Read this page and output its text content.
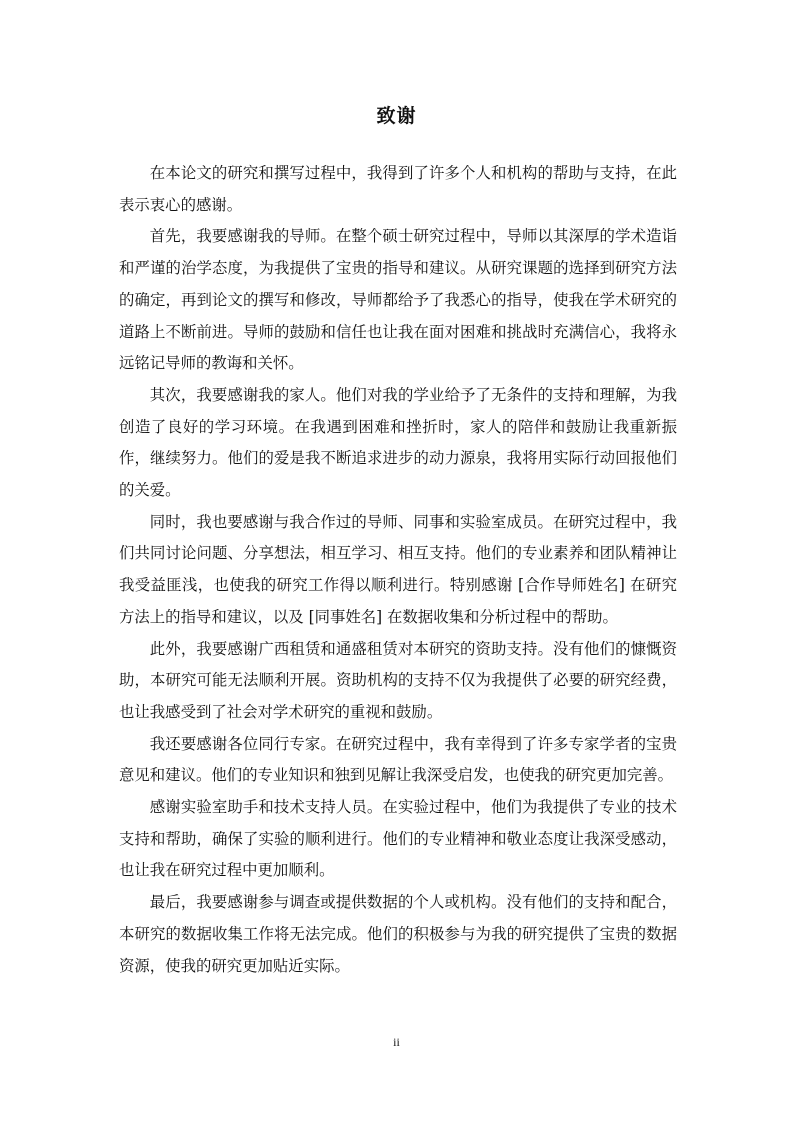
致谢

在本论文的研究和撰写过程中，我得到了许多个人和机构的帮助与支持，在此表示衷心的感谢。

首先，我要感谢我的导师。在整个硕士研究过程中，导师以其深厚的学术造诣和严谨的治学态度，为我提供了宝贵的指导和建议。从研究课题的选择到研究方法的确定，再到论文的撰写和修改，导师都给予了我悉心的指导，使我在学术研究的道路上不断前进。导师的鼓励和信任也让我在面对困难和挑战时充满信心，我将永远铭记导师的教诲和关怀。

其次，我要感谢我的家人。他们对我的学业给予了无条件的支持和理解，为我创造了良好的学习环境。在我遇到困难和挫折时，家人的陪伴和鼓励让我重新振作，继续努力。他们的爱是我不断追求进步的动力源泉，我将用实际行动回报他们的关爱。

同时，我也要感谢与我合作过的导师、同事和实验室成员。在研究过程中，我们共同讨论问题、分享想法，相互学习、相互支持。他们的专业素养和团队精神让我受益匪浅，也使我的研究工作得以顺利进行。特别感谢 [合作导师姓名] 在研究方法上的指导和建议，以及 [同事姓名] 在数据收集和分析过程中的帮助。

此外，我要感谢广西租赁和通盛租赁对本研究的资助支持。没有他们的慷慨资助，本研究可能无法顺利开展。资助机构的支持不仅为我提供了必要的研究经费，也让我感受到了社会对学术研究的重视和鼓励。

我还要感谢各位同行专家。在研究过程中，我有幸得到了许多专家学者的宝贵意见和建议。他们的专业知识和独到见解让我深受启发，也使我的研究更加完善。

感谢实验室助手和技术支持人员。在实验过程中，他们为我提供了专业的技术支持和帮助，确保了实验的顺利进行。他们的专业精神和敬业态度让我深受感动，也让我在研究过程中更加顺利。

最后，我要感谢参与调查或提供数据的个人或机构。没有他们的支持和配合，本研究的数据收集工作将无法完成。他们的积极参与为我的研究提供了宝贵的数据资源，使我的研究更加贴近实际。

ii
